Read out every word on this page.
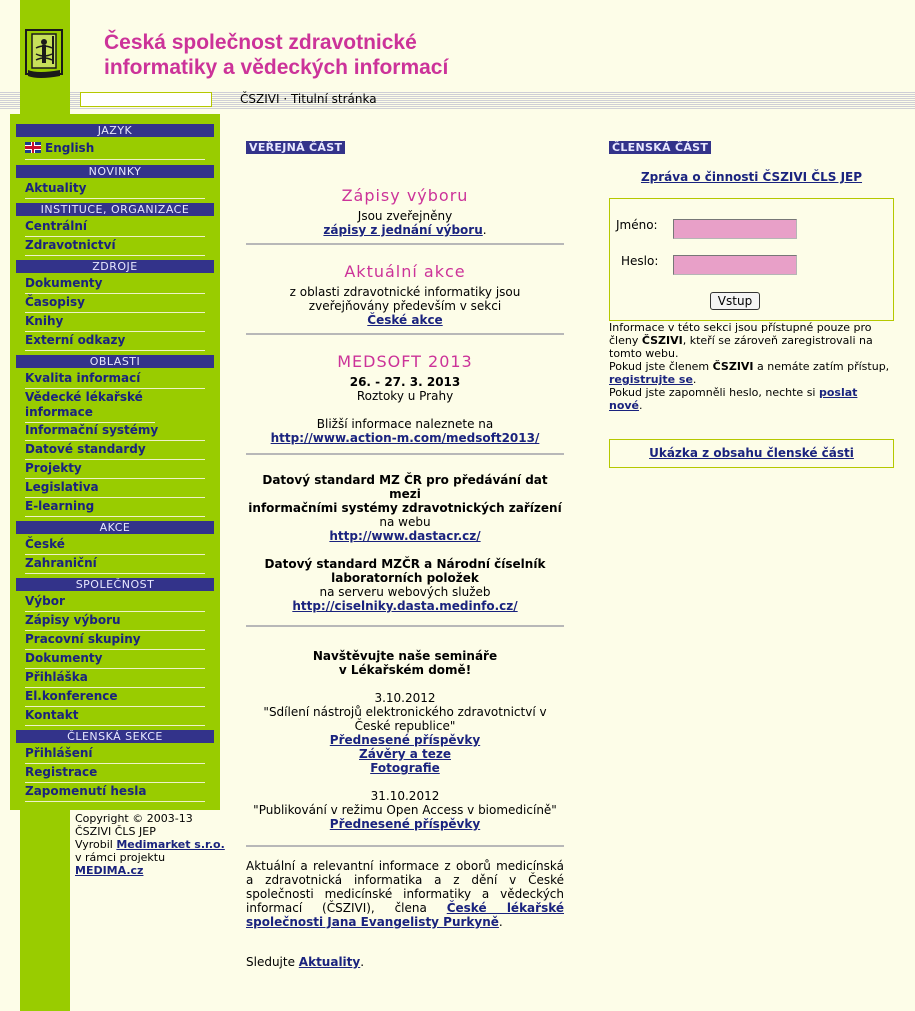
Česká společnost zdravotnické
informatiky a vědeckých informací
ČSZIVI · Titulní stránka
JAZYK
English
NOVINKY
Aktuality
INSTITUCE, ORGANIZACE
Centrální
Zdravotnictví
ZDROJE
Dokumenty
Časopisy
Knihy
Externí odkazy
OBLASTI
Kvalita informací
Vědecké lékařské informace
Informační systémy
Datové standardy
Projekty
Legislativa
E-learning
AKCE
České
Zahraniční
SPOLEČNOST
Výbor
Zápisy výboru
Pracovní skupiny
Dokumenty
Přihláška
El.konference
Kontakt
ČLENSKÁ SEKCE
Přihlášení
Registrace
Zapomenutí hesla
Copyright © 2003-13
ČSZIVI ČLS JEP
Vyrobil Medimarket s.r.o.
v rámci projektu
MEDIMA.cz
VEŘEJNÁ ČÁST
Zápisy výboru
Jsou zveřejněny
zápisy z jednání výboru.
Aktuální akce
z oblasti zdravotnické informatiky jsou
zveřejňovány především v sekci
České akce
MEDSOFT 2013
26. - 27. 3. 2013
Roztoky u Prahy
Bližší informace naleznete na
http://www.action-m.com/medsoft2013/
Datový standard MZ ČR pro předávání dat mezi
informačními systémy zdravotnických zařízení
na webu
http://www.dastacr.cz/
Datový standard MZČR a Národní číselník
laboratorních položek
na serveru webových služeb
http://ciselniky.dasta.medinfo.cz/
Navštěvujte naše semináře
v Lékařském domě!
3.10.2012
"Sdílení nástrojů elektronického zdravotnictví v
České republice"
Přednesené příspěvky
Závěry a teze
Fotografie
31.10.2012
"Publikování v režimu Open Access v biomedicíně"
Přednesené příspěvky
Aktuální a relevantní informace z oborů medicínská a zdravotnická informatika a z dění v České společnosti medicínské informatiky a vědeckých informací (ČSZIVI), člena České lékařské společnosti Jana Evangelisty Purkyně.
Sledujte Aktuality.
ČLENSKÁ ČÁST
Zpráva o činnosti ČSZIVI ČLS JEP
Jméno:
Heslo:
Vstup
Informace v této sekci jsou přístupné pouze pro členy ČSZIVI, kteří se zároveň zaregistrovali na tomto webu.
Pokud jste členem ČSZIVI a nemáte zatím přístup, registrujte se.
Pokud jste zapomněli heslo, nechte si poslat nové.
Ukázka z obsahu členské části
